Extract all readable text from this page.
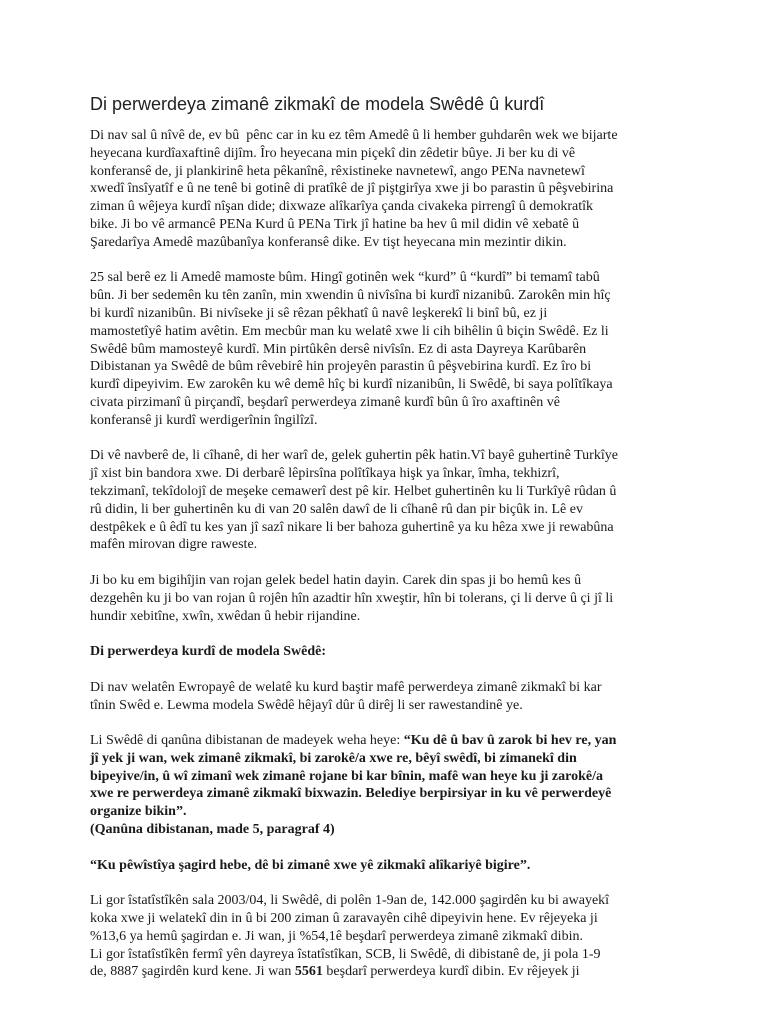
Di perwerdeya zimanê zikmakî de modela Swêdê û kurdî
Di nav sal û nîvê de, ev bû  pênc car in ku ez têm Amedê û li hember guhdarên wek we bijarte
heyecana kurdîaxaftinê dijîm. Îro heyecana min piçekî din zêdetir bûye. Ji ber ku di vê
konferansê de, ji plankirinê heta pêkanînê, rêxistineke navnetewî, ango PENa navnetewî
xwedî însîyatîf e û ne tenê bi gotinê di pratîkê de jî piştgirîya xwe ji bo parastin û pêşvebirina
ziman û wêjeya kurdî nîşan dide; dixwaze alîkarîya çanda civakeka pirrengî û demokratîk
bike. Ji bo vê armancê PENa Kurd û PENa Tirk jî hatine ba hev û mil didin vê xebatê û
Şaredarîya Amedê mazûbanîya konferansê dike. Ev tişt heyecana min mezintir dikin.
25 sal berê ez li Amedê mamoste bûm. Hingî gotinên wek “kurd” û “kurdî” bi temamî tabû
bûn. Ji ber sedemên ku tên zanîn, min xwendin û nivîsîna bi kurdî nizanibû. Zarokên min hîç
bi kurdî nizanibûn. Bi nivîseke ji sê rêzan pêkhatî û navê leşkerekî li binî bû, ez ji
mamostetîyê hatim avêtin. Em mecbûr man ku welatê xwe li cih bihêlin û biçin Swêdê. Ez li
Swêdê bûm mamosteyê kurdî. Min pirtûkên dersê nivîsîn. Ez di asta Dayreya Karûbarên
Dibistanan ya Swêdê de bûm rêvebirê hin projeyên parastin û pêşvebirina kurdî. Ez îro bi
kurdî dipeyivim. Ew zarokên ku wê demê hîç bi kurdî nizanibûn, li Swêdê, bi saya polîtîkaya
civata pirzimanî û pirçandî, beşdarî perwerdeya zimanê kurdî bûn û îro axaftinên vê
konferansê ji kurdî werdigerînin îngilîzî.
Di vê navberê de, li cîhanê, di her warî de, gelek guhertin pêk hatin.Vî bayê guhertinê Turkîye
jî xist bin bandora xwe. Di derbarê lêpirsîna polîtîkaya hişk ya înkar, îmha, tekhizrî,
tekzimanî, tekîdolojî de meşeke cemawerî dest pê kir. Helbet guhertinên ku li Turkîyê rûdan û
rû didin, li ber guhertinên ku di van 20 salên dawî de li cîhanê rû dan pir biçûk in. Lê ev
destpêkek e û êdî tu kes yan jî sazî nikare li ber bahoza guhertinê ya ku hêza xwe ji rewabûna
mafên mirovan digre raweste.
Ji bo ku em bigihîjin van rojan gelek bedel hatin dayin. Carek din spas ji bo hemû kes û
dezgehên ku ji bo van rojan û rojên hîn azadtir hîn xweştir, hîn bi tolerans, çi li derve û çi jî li
hundir xebitîne, xwîn, xwêdan û hebir rijandine.
Di perwerdeya kurdî de modela Swêdê:
Di nav welatên Ewropayê de welatê ku kurd baştir mafê perwerdeya zimanê zikmakî bi kar
tînin Swêd e. Lewma modela Swêdê hêjayî dûr û dirêj li ser rawestandinê ye.
Li Swêdê di qanûna dibistanan de madeyek weha heye: “Ku dê û bav û zarok bi hev re, yan
jî yek ji wan, wek zimanê zikmakî, bi zarokê/a xwe re, bêyî swêdî, bi zimanekî din
bipeyive/in, û wî zimanî wek zimanê rojane bi kar bînin, mafê wan heye ku ji zarokê/a
xwe re perwerdeya zimanê zikmakî bixwazin. Belediye berpirsiyar in ku vê perwerdeyê
organize bikin”.
(Qanûna dibistanan, made 5, paragraf 4)
“Ku pêwîstîya şagird hebe, dê bi zimanê xwe yê zikmakî alîkariyê bigire”.
Li gor îstatîstîkên sala 2003/04, li Swêdê, di polên 1-9an de, 142.000 şagirdên ku bi awayekî
koka xwe ji welatekî din in û bi 200 ziman û zaravayên cihê dipeyivin hene. Ev rêjeyeka ji
%13,6 ya hemû şagirdan e. Ji wan, ji %54,1ê beşdarî perwerdeya zimanê zikmakî dibin.
Li gor îstatîstîkên fermî yên dayreya îstatîstîkan, SCB, li Swêdê, di dibistanê de, ji pola 1-9
de, 8887 şagirdên kurd kene. Ji wan 5561 beşdarî perwerdeya kurdî dibin. Ev rêjeyek ji
